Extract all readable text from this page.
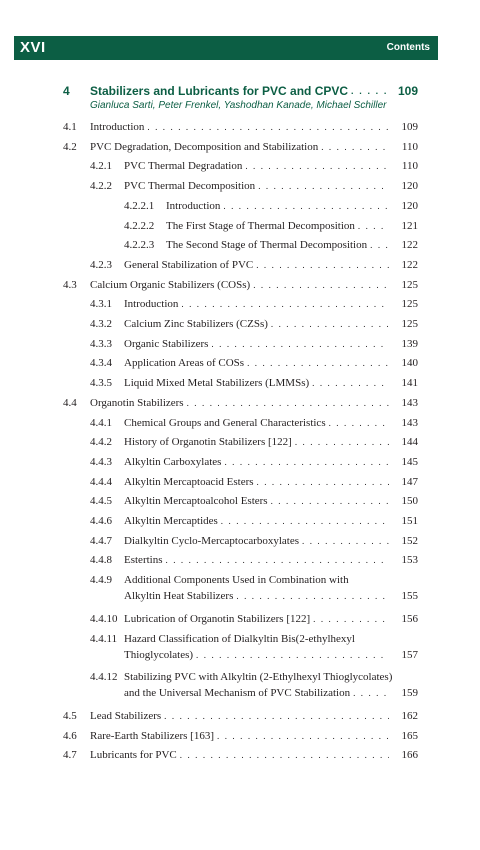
XVI	Contents
4 Stabilizers and Lubricants for PVC and CPVC . . .	109
Gianluca Sarti, Peter Frenkel, Yashodhan Kanade, Michael Schiller
4.1 Introduction . . .	109
4.2 PVC Degradation, Decomposition and Stabilization . . .	110
4.2.1 PVC Thermal Degradation . . .	110
4.2.2 PVC Thermal Decomposition . . .	120
4.2.2.1 Introduction . . .	120
4.2.2.2 The First Stage of Thermal Decomposition . . .	121
4.2.2.3 The Second Stage of Thermal Decomposition . . .	122
4.2.3 General Stabilization of PVC . . .	122
4.3 Calcium Organic Stabilizers (COSs) . . .	125
4.3.1 Introduction . . .	125
4.3.2 Calcium Zinc Stabilizers (CZSs) . . .	125
4.3.3 Organic Stabilizers . . .	139
4.3.4 Application Areas of COSs . . .	140
4.3.5 Liquid Mixed Metal Stabilizers (LMMSs) . . .	141
4.4 Organotin Stabilizers . . .	143
4.4.1 Chemical Groups and General Characteristics . . .	143
4.4.2 History of Organotin Stabilizers [122] . . .	144
4.4.3 Alkyltin Carboxylates . . .	145
4.4.4 Alkyltin Mercaptoacid Esters . . .	147
4.4.5 Alkyltin Mercaptoalcohol Esters . . .	150
4.4.6 Alkyltin Mercaptides . . .	151
4.4.7 Dialkyltin Cyclo-Mercaptocarboxylates . . .	152
4.4.8 Estertins . . .	153
4.4.9 Additional Components Used in Combination with
Alkyltin Heat Stabilizers . . .	155
4.4.10 Lubrication of Organotin Stabilizers [122] . . .	156
4.4.11 Hazard Classification of Dialkyltin Bis(2-ethylhexyl
Thioglycolates) . . .	157
4.4.12 Stabilizing PVC with Alkyltin (2-Ethylhexyl Thioglycolates)
and the Universal Mechanism of PVC Stabilization . . .	159
4.5 Lead Stabilizers . . .	162
4.6 Rare-Earth Stabilizers [163] . . .	165
4.7 Lubricants for PVC . . .	166
